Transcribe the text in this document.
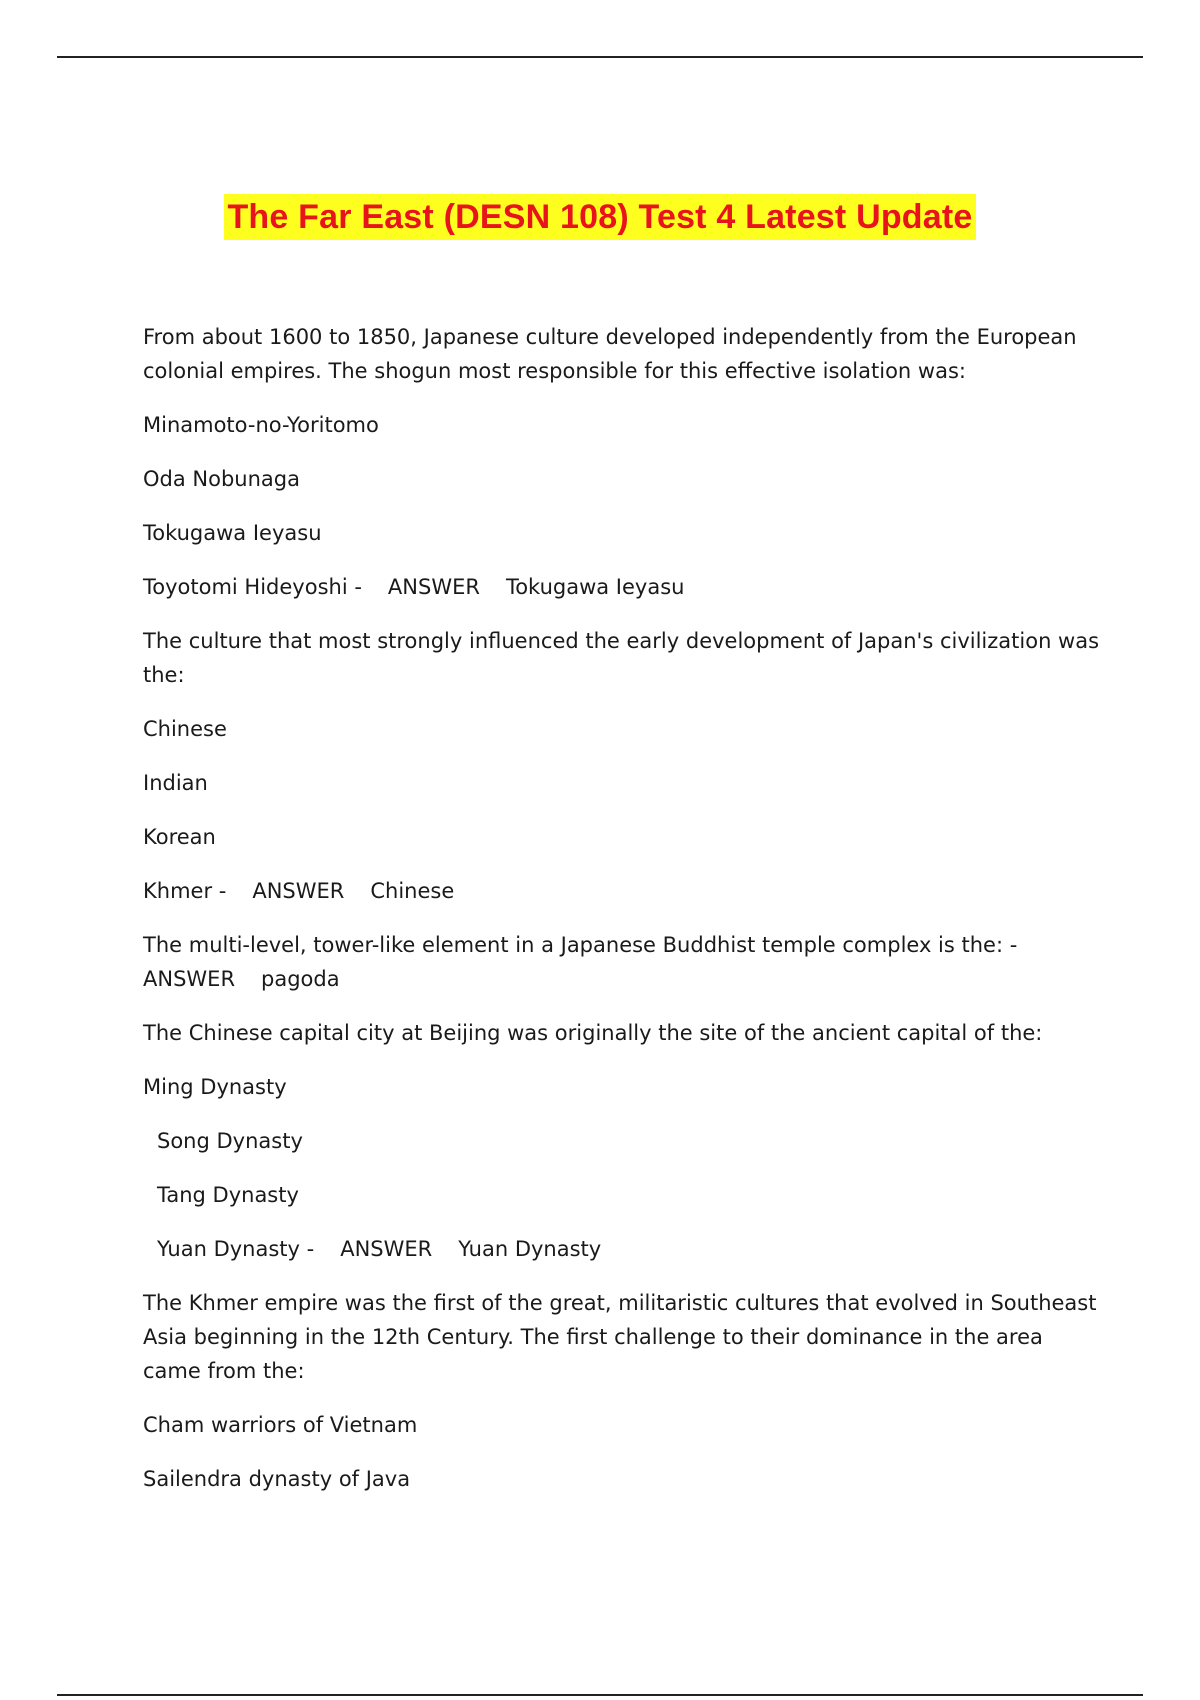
The Far East (DESN 108) Test 4 Latest Update

From about 1600 to 1850, Japanese culture developed independently from the European colonial empires. The shogun most responsible for this effective isolation was:

Minamoto-no-Yoritomo

Oda Nobunaga

Tokugawa Ieyasu

Toyotomi Hideyoshi - ANSWER Tokugawa Ieyasu

The culture that most strongly influenced the early development of Japan's civilization was the:

Chinese

Indian

Korean

Khmer - ANSWER Chinese

The multi-level, tower-like element in a Japanese Buddhist temple complex is the: -
ANSWER pagoda

The Chinese capital city at Beijing was originally the site of the ancient capital of the:

Ming Dynasty

Song Dynasty

Tang Dynasty

Yuan Dynasty - ANSWER Yuan Dynasty

The Khmer empire was the first of the great, militaristic cultures that evolved in Southeast Asia beginning in the 12th Century. The first challenge to their dominance in the area came from the:

Cham warriors of Vietnam

Sailendra dynasty of Java
